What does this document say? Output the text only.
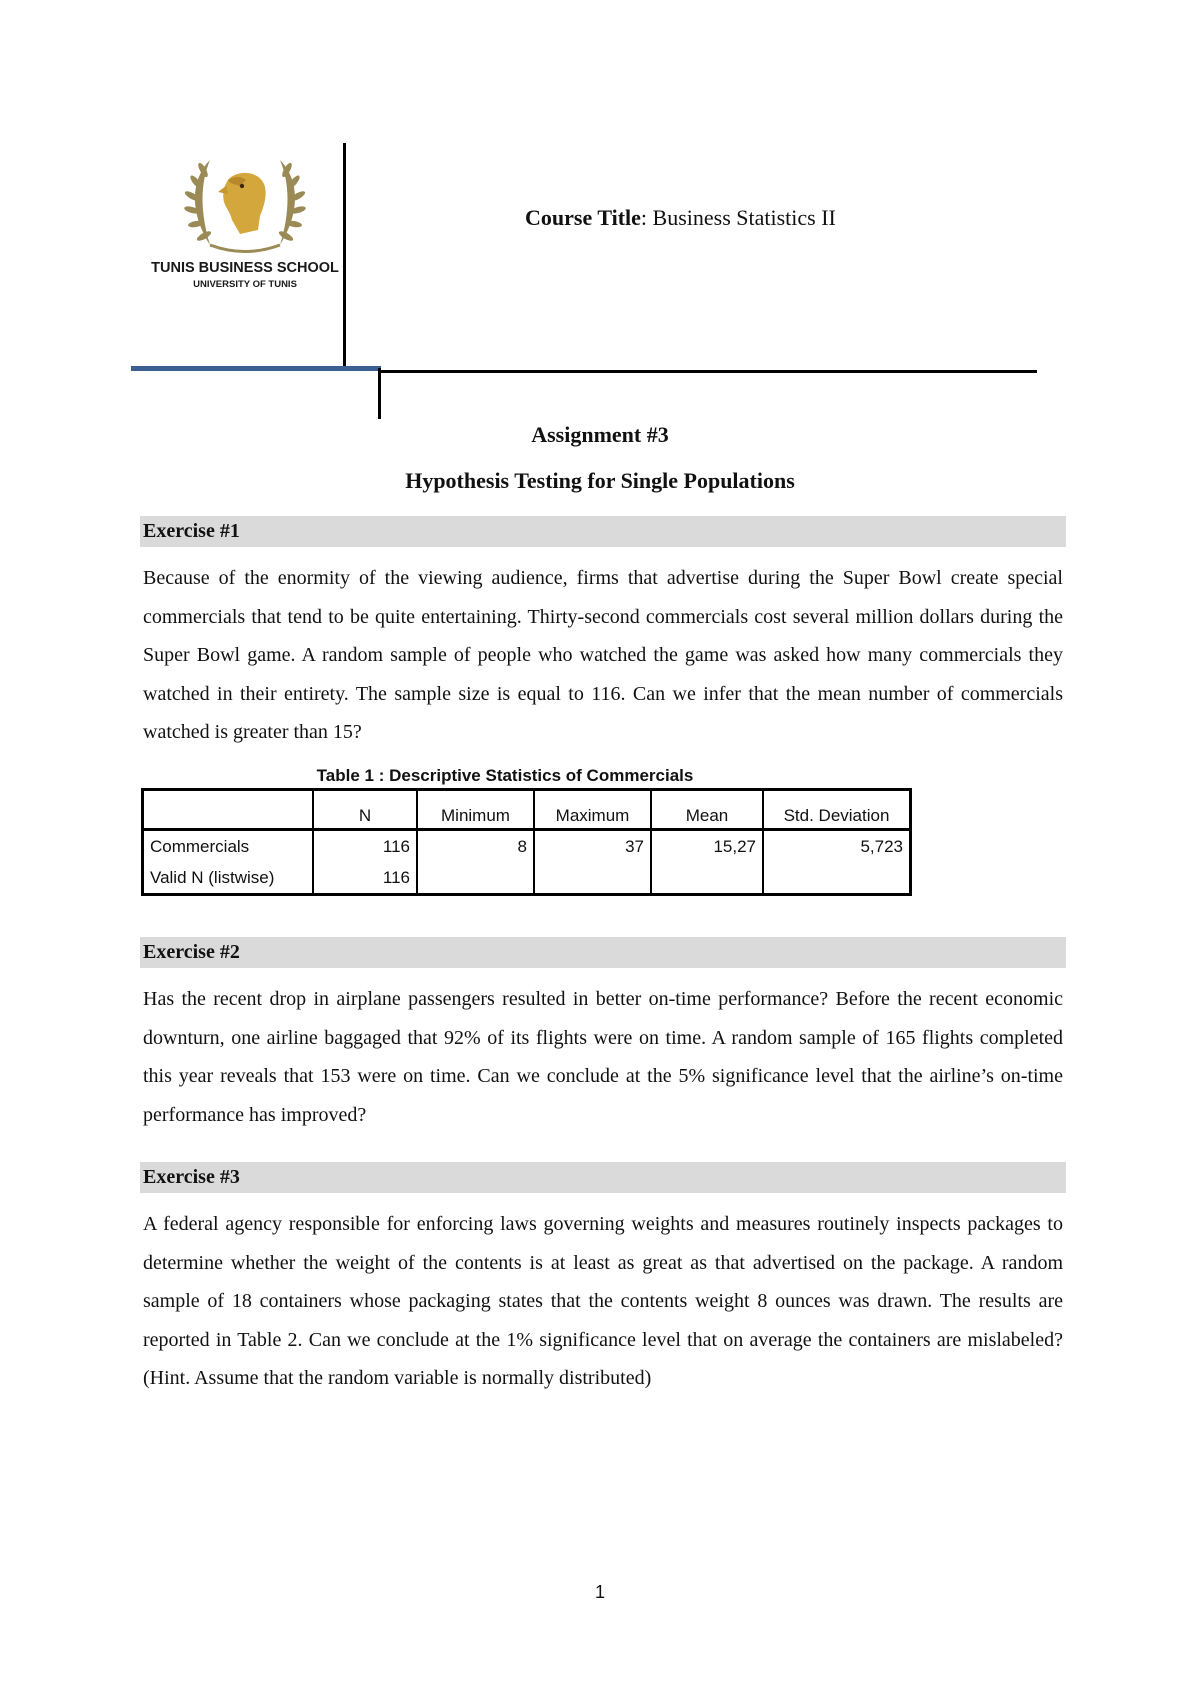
TUNIS BUSINESS SCHOOL
UNIVERSITY OF TUNIS
Course Title: Business Statistics II
Assignment #3
Hypothesis Testing for Single Populations
Exercise #1

Because of the enormity of the viewing audience, firms that advertise during the Super Bowl create special commercials that tend to be quite entertaining. Thirty-second commercials cost several million dollars during the Super Bowl game. A random sample of people who watched the game was asked how many commercials they watched in their entirety. The sample size is equal to 116. Can we infer that the mean number of commercials watched is greater than 15?

Table 1 : Descriptive Statistics of Commercials
	N	Minimum	Maximum	Mean	Std. Deviation
Commercials	116	8	37	15,27	5,723
Valid N (listwise)	116				
Exercise #2

Has the recent drop in airplane passengers resulted in better on-time performance? Before the recent economic downturn, one airline baggaged that 92% of its flights were on time. A random sample of 165 flights completed this year reveals that 153 were on time. Can we conclude at the 5% significance level that the airline’s on-time performance has improved?

Exercise #3

A federal agency responsible for enforcing laws governing weights and measures routinely inspects packages to determine whether the weight of the contents is at least as great as that advertised on the package. A random sample of 18 containers whose packaging states that the contents weight 8 ounces was drawn. The results are reported in Table 2. Can we conclude at the 1% significance level that on average the containers are mislabeled? (Hint. Assume that the random variable is normally distributed)

1
